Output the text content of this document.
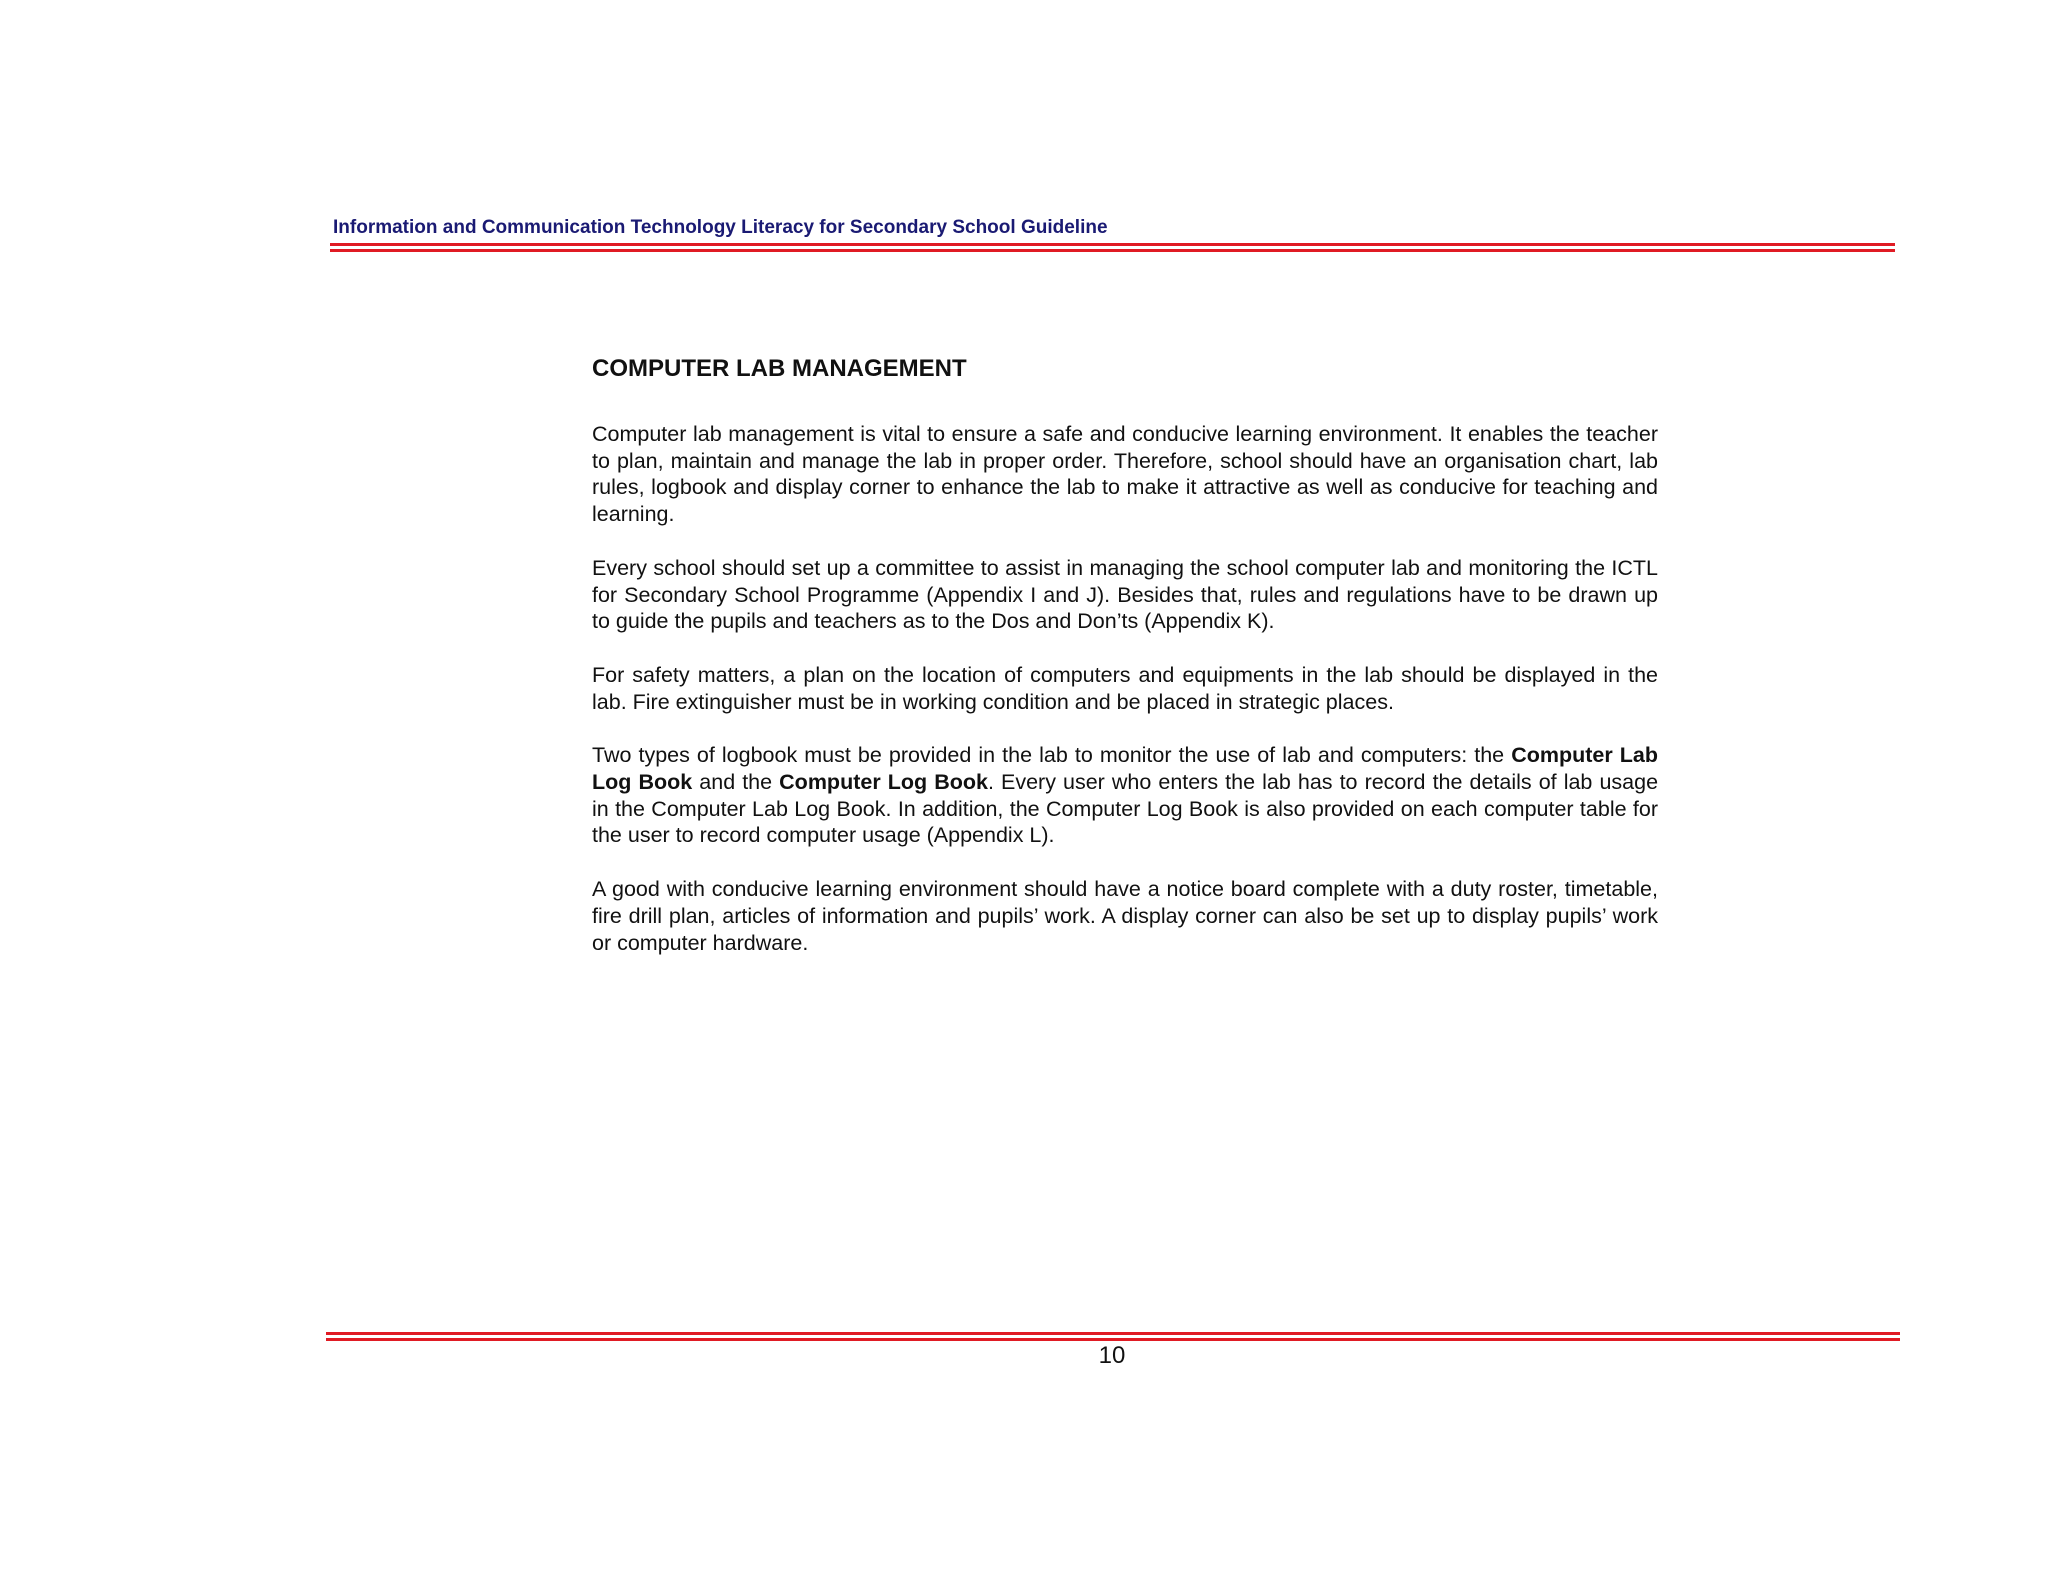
Information and Communication Technology Literacy for Secondary School Guideline
COMPUTER LAB MANAGEMENT

Computer lab management is vital to ensure a safe and conducive learning environment. It enables the teacher to plan, maintain and manage the lab in proper order. Therefore, school should have an organisation chart, lab rules, logbook and display corner to enhance the lab to make it attractive as well as conducive for teaching and learning.

Every school should set up a committee to assist in managing the school computer lab and monitoring the ICTL for Secondary School Programme (Appendix I and J). Besides that, rules and regulations have to be drawn up to guide the pupils and teachers as to the Dos and Don’ts (Appendix K).

For safety matters, a plan on the location of computers and equipments in the lab should be displayed in the lab. Fire extinguisher must be in working condition and be placed in strategic places.

Two types of logbook must be provided in the lab to monitor the use of lab and computers: the Computer Lab Log Book and the Computer Log Book. Every user who enters the lab has to record the details of lab usage in the Computer Lab Log Book. In addition, the Computer Log Book is also provided on each computer table for the user to record computer usage (Appendix L).

A good with conducive learning environment should have a notice board complete with a duty roster, timetable, fire drill plan, articles of information and pupils’ work. A display corner can also be set up to display pupils’ work or computer hardware.

10
